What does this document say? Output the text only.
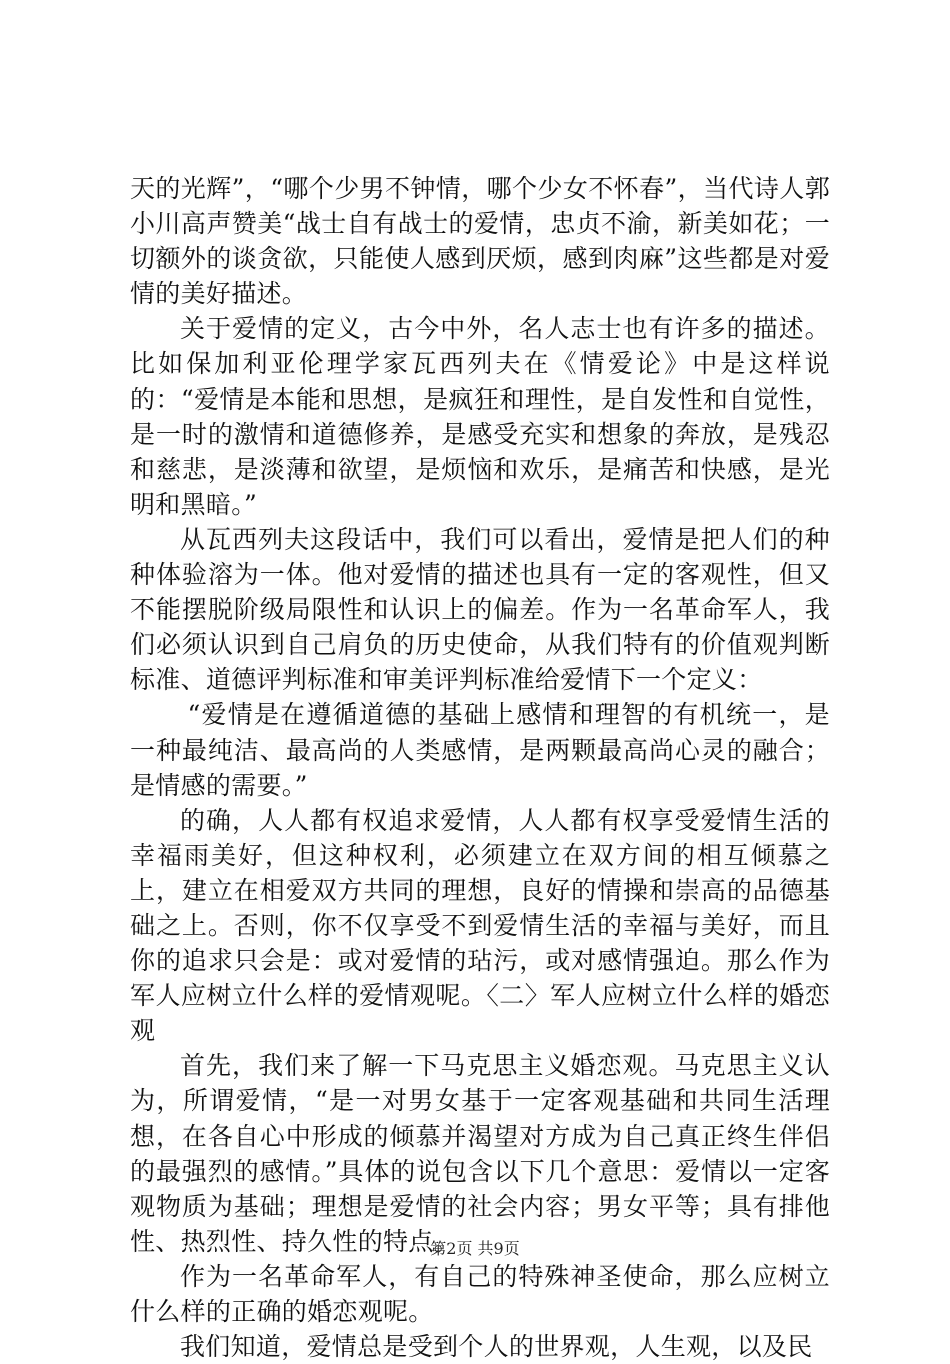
天的光辉”，“哪个少男不钟情，哪个少女不怀春”，当代诗人郭小川高声赞美“战士自有战士的爱情，忠贞不渝，新美如花；一切额外的谈贪欲，只能使人感到厌烦，感到肉麻”这些都是对爱情的美好描述。

关于爱情的定义，古今中外，名人志士也有许多的描述。比如保加利亚伦理学家瓦西列夫在《情爱论》中是这样说的：“爱情是本能和思想，是疯狂和理性，是自发性和自觉性，是一时的激情和道德修养，是感受充实和想象的奔放，是残忍和慈悲，是淡薄和欲望，是烦恼和欢乐，是痛苦和快感，是光明和黑暗。”

从瓦西列夫这段话中，我们可以看出，爱情是把人们的种种体验溶为一体。他对爱情的描述也具有一定的客观性，但又不能摆脱阶级局限性和认识上的偏差。作为一名革命军人，我们必须认识到自己肩负的历史使命，从我们特有的价值观判断标准、道德评判标准和审美评判标准给爱情下一个定义：

“爱情是在遵循道德的基础上感情和理智的有机统一，是一种最纯洁、最高尚的人类感情，是两颗最高尚心灵的融合；是情感的需要。”

的确，人人都有权追求爱情，人人都有权享受爱情生活的幸福雨美好，但这种权利，必须建立在双方间的相互倾慕之上，建立在相爱双方共同的理想，良好的情操和崇高的品德基础之上。否则，你不仅享受不到爱情生活的幸福与美好，而且你的追求只会是：或对爱情的玷污，或对感情强迫。那么作为军人应树立什么样的爱情观呢。〈二〉军人应树立什么样的婚恋观

首先，我们来了解一下马克思主义婚恋观。马克思主义认为，所谓爱情，“是一对男女基于一定客观基础和共同生活理想，在各自心中形成的倾慕并渴望对方成为自己真正终生伴侣的最强烈的感情。”具体的说包含以下几个意思：爱情以一定客观物质为基础；理想是爱情的社会内容；男女平等；具有排他性、热烈性、持久性的特点。

作为一名革命军人，有自己的特殊神圣使命，那么应树立什么样的正确的婚恋观呢。

我们知道，爱情总是受到个人的世界观，人生观，以及民

第2页 共9页
